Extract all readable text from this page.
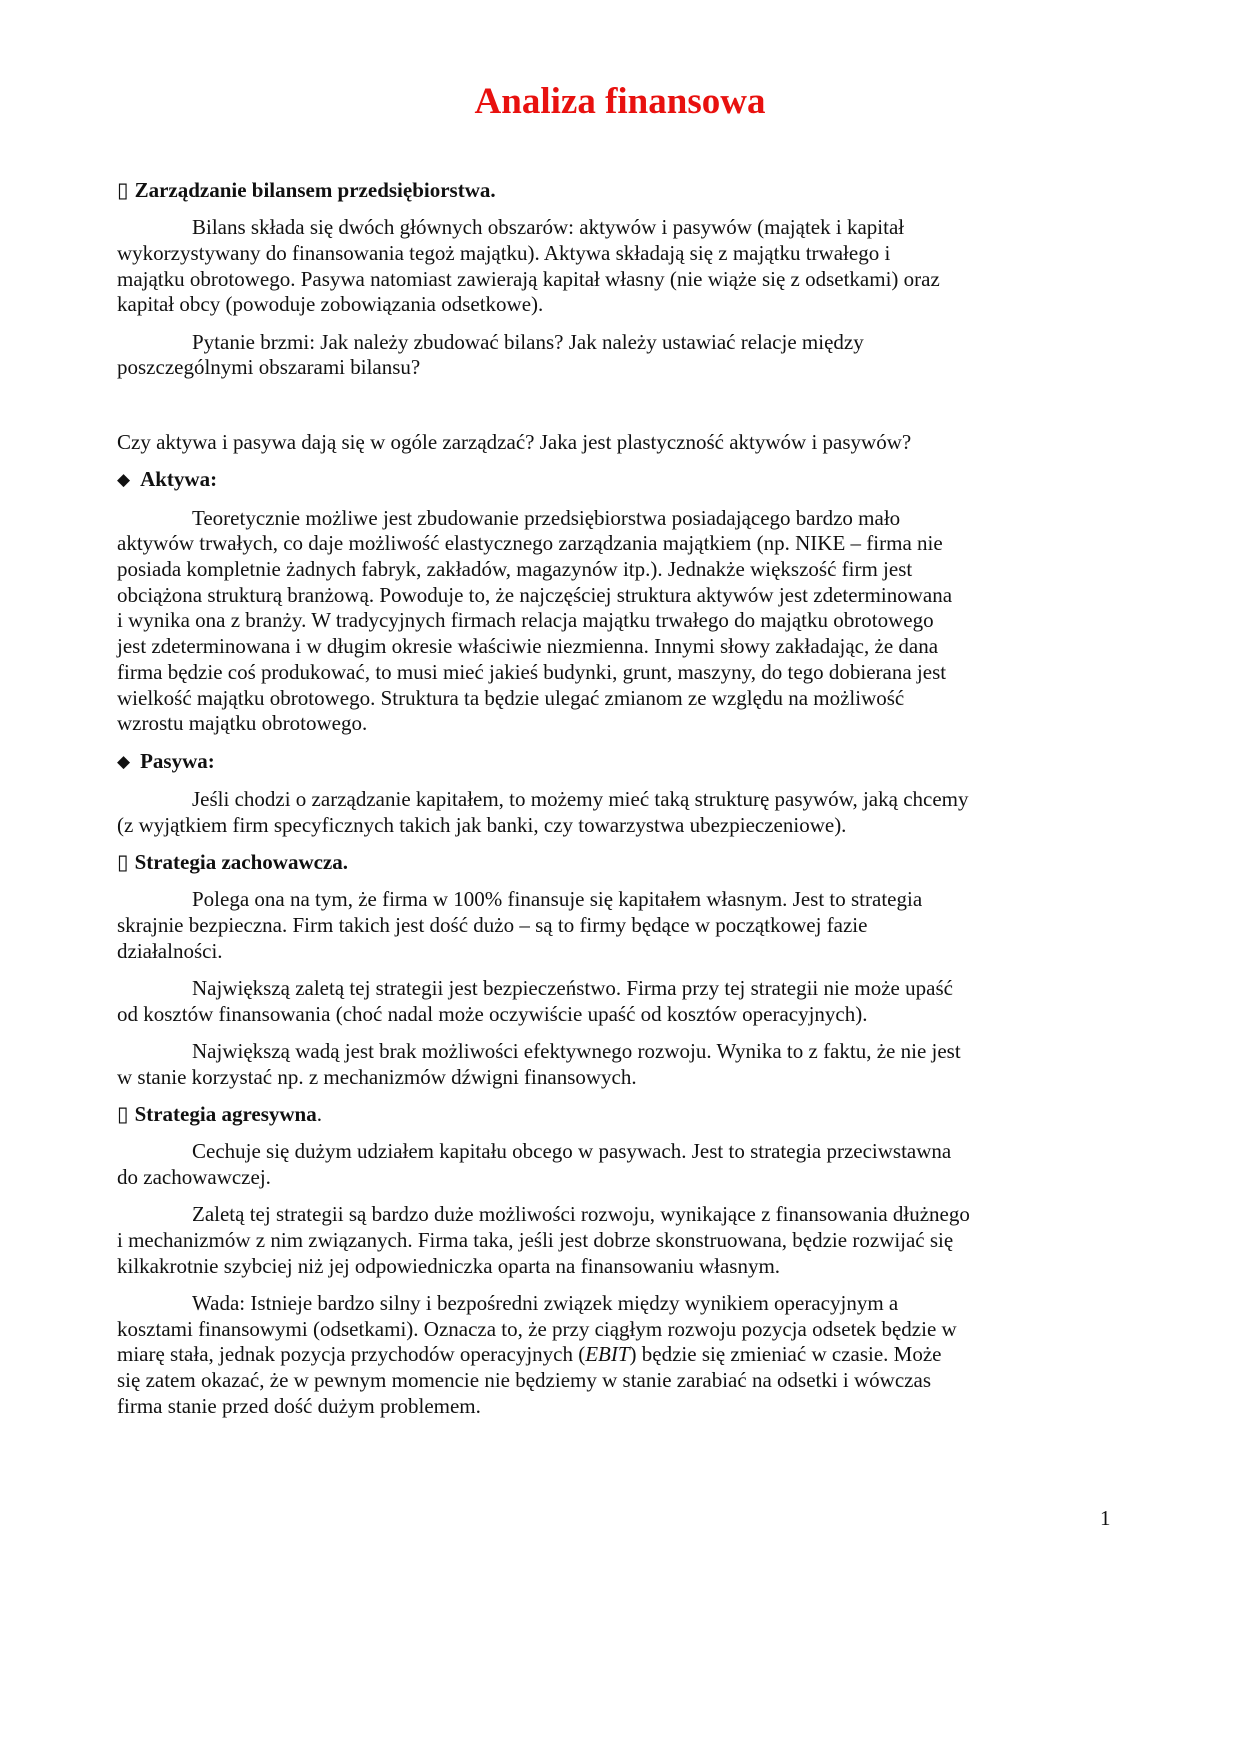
Analiza finansowa
▯ Zarządzanie bilansem przedsiębiorstwa.
Bilans składa się dwóch głównych obszarów: aktywów i pasywów (majątek i kapitał
wykorzystywany do finansowania tegoż majątku). Aktywa składają się z majątku trwałego i
majątku obrotowego. Pasywa natomiast zawierają kapitał własny (nie wiąże się z odsetkami) oraz
kapitał obcy (powoduje zobowiązania odsetkowe).
Pytanie brzmi: Jak należy zbudować bilans? Jak należy ustawiać relacje między
poszczególnymi obszarami bilansu?
Czy aktywa i pasywa dają się w ogóle zarządzać? Jaka jest plastyczność aktywów i pasywów?
◆ Aktywa:
Teoretycznie możliwe jest zbudowanie przedsiębiorstwa posiadającego bardzo mało
aktywów trwałych, co daje możliwość elastycznego zarządzania majątkiem (np. NIKE – firma nie
posiada kompletnie żadnych fabryk, zakładów, magazynów itp.). Jednakże większość firm jest
obciążona strukturą branżową. Powoduje to, że najczęściej struktura aktywów jest zdeterminowana
i wynika ona z branży. W tradycyjnych firmach relacja majątku trwałego do majątku obrotowego
jest zdeterminowana i w długim okresie właściwie niezmienna. Innymi słowy zakładając, że dana
firma będzie coś produkować, to musi mieć jakieś budynki, grunt, maszyny, do tego dobierana jest
wielkość majątku obrotowego. Struktura ta będzie ulegać zmianom ze względu na możliwość
wzrostu majątku obrotowego.
◆ Pasywa:
Jeśli chodzi o zarządzanie kapitałem, to możemy mieć taką strukturę pasywów, jaką chcemy
(z wyjątkiem firm specyficznych takich jak banki, czy towarzystwa ubezpieczeniowe).
▯ Strategia zachowawcza.
Polega ona na tym, że firma w 100% finansuje się kapitałem własnym. Jest to strategia
skrajnie bezpieczna. Firm takich jest dość dużo – są to firmy będące w początkowej fazie
działalności.
Największą zaletą tej strategii jest bezpieczeństwo. Firma przy tej strategii nie może upaść
od kosztów finansowania (choć nadal może oczywiście upaść od kosztów operacyjnych).
Największą wadą jest brak możliwości efektywnego rozwoju. Wynika to z faktu, że nie jest
w stanie korzystać np. z mechanizmów dźwigni finansowych.
▯ Strategia agresywna.
Cechuje się dużym udziałem kapitału obcego w pasywach. Jest to strategia przeciwstawna
do zachowawczej.
Zaletą tej strategii są bardzo duże możliwości rozwoju, wynikające z finansowania dłużnego
i mechanizmów z nim związanych. Firma taka, jeśli jest dobrze skonstruowana, będzie rozwijać się
kilkakrotnie szybciej niż jej odpowiedniczka oparta na finansowaniu własnym.
Wada: Istnieje bardzo silny i bezpośredni związek między wynikiem operacyjnym a
kosztami finansowymi (odsetkami). Oznacza to, że przy ciągłym rozwoju pozycja odsetek będzie w
miarę stała, jednak pozycja przychodów operacyjnych (EBIT) będzie się zmieniać w czasie. Może
się zatem okazać, że w pewnym momencie nie będziemy w stanie zarabiać na odsetki i wówczas
firma stanie przed dość dużym problemem.
1
